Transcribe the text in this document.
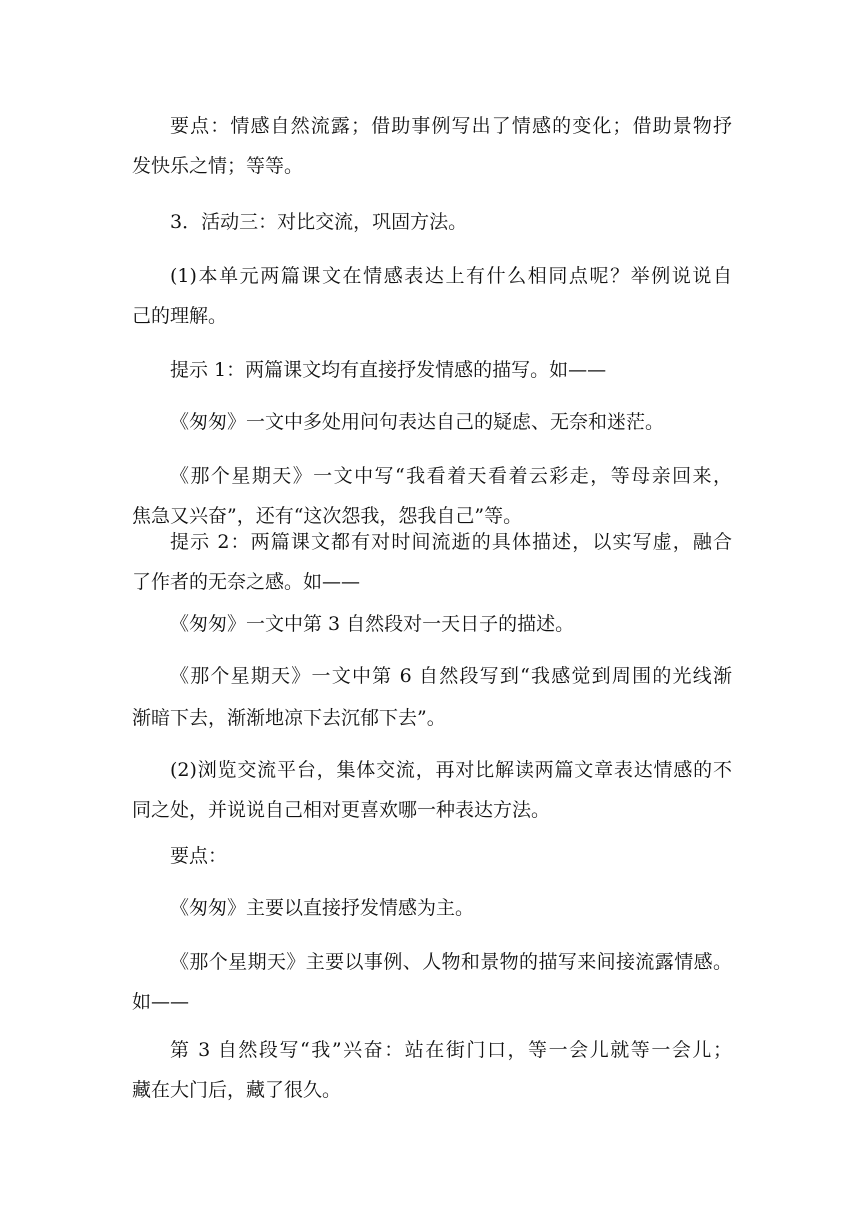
要点：情感自然流露；借助事例写出了情感的变化；借助景物抒
发快乐之情；等等。
3．活动三：对比交流，巩固方法。
(1)本单元两篇课文在情感表达上有什么相同点呢？举例说说自
己的理解。
提示 1：两篇课文均有直接抒发情感的描写。如——
《匆匆》一文中多处用问句表达自己的疑虑、无奈和迷茫。
《那个星期天》一文中写“我看着天看着云彩走，等母亲回来，
焦急又兴奋”，还有“这次怨我，怨我自己”等。
提示 2：两篇课文都有对时间流逝的具体描述，以实写虚，融合
了作者的无奈之感。如——
《匆匆》一文中第 3 自然段对一天日子的描述。
《那个星期天》一文中第 6 自然段写到“我感觉到周围的光线渐
渐暗下去，渐渐地凉下去沉郁下去”。
(2)浏览交流平台，集体交流，再对比解读两篇文章表达情感的不
同之处，并说说自己相对更喜欢哪一种表达方法。
要点：
《匆匆》主要以直接抒发情感为主。
《那个星期天》主要以事例、人物和景物的描写来间接流露情感。
如——
第 3 自然段写“我”兴奋：站在街门口，等一会儿就等一会儿；
藏在大门后，藏了很久。
